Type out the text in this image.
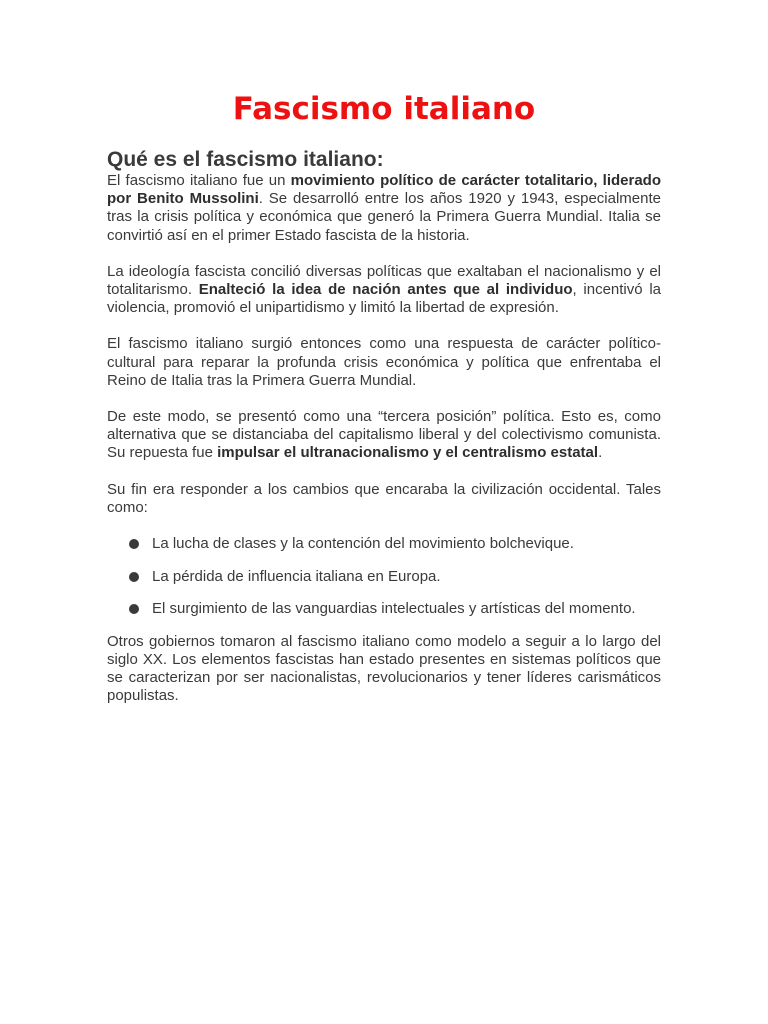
Fascismo italiano
Qué es el fascismo italiano:

El fascismo italiano fue un movimiento político de carácter totalitario, liderado por Benito Mussolini. Se desarrolló entre los años 1920 y 1943, especialmente tras la crisis política y económica que generó la Primera Guerra Mundial. Italia se convirtió así en el primer Estado fascista de la historia.

La ideología fascista concilió diversas políticas que exaltaban el nacionalismo y el totalitarismo. Enalteció la idea de nación antes que al individuo, incentivó la violencia, promovió el unipartidismo y limitó la libertad de expresión.

El fascismo italiano surgió entonces como una respuesta de carácter político-cultural para reparar la profunda crisis económica y política que enfrentaba el Reino de Italia tras la Primera Guerra Mundial.

De este modo, se presentó como una “tercera posición” política. Esto es, como alternativa que se distanciaba del capitalismo liberal y del colectivismo comunista. Su repuesta fue impulsar el ultranacionalismo y el centralismo estatal.

Su fin era responder a los cambios que encaraba la civilización occidental. Tales como:

La lucha de clases y la contención del movimiento bolchevique.
La pérdida de influencia italiana en Europa.
El surgimiento de las vanguardias intelectuales y artísticas del momento.

Otros gobiernos tomaron al fascismo italiano como modelo a seguir a lo largo del siglo XX. Los elementos fascistas han estado presentes en sistemas políticos que se caracterizan por ser nacionalistas, revolucionarios y tener líderes carismáticos populistas.
